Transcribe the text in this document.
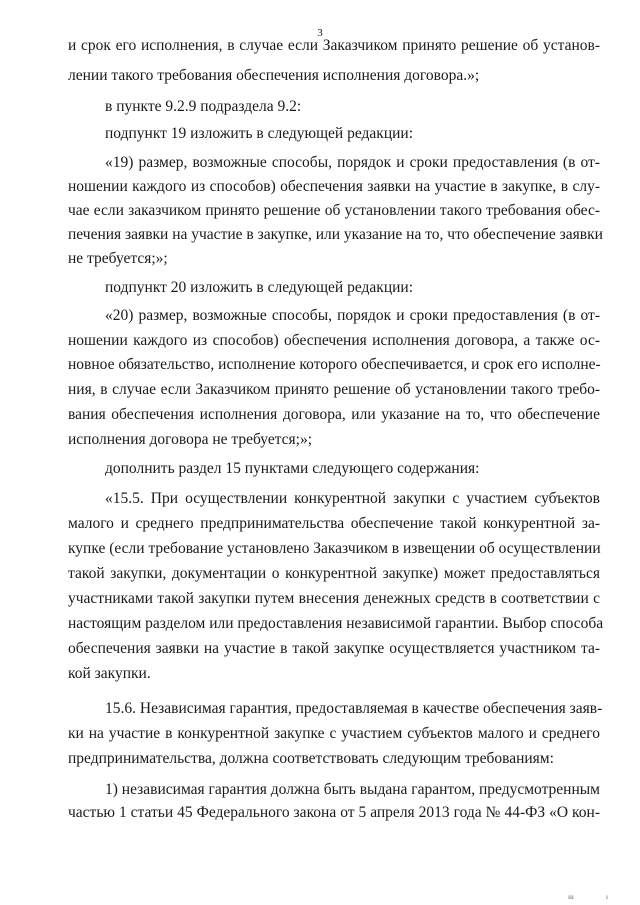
3
и срок его исполнения, в случае если Заказчиком принято решение об установ-
лении такого требования обеспечения исполнения договора.»;
в пункте 9.2.9 подраздела 9.2:
подпункт 19 изложить в следующей редакции:
«19) размер, возможные способы, порядок и сроки предоставления (в от-
ношении каждого из способов) обеспечения заявки на участие в закупке, в слу-
чае если заказчиком принято решение об установлении такого требования обес-
печения заявки на участие в закупке, или указание на то, что обеспечение заявки
не требуется;»;
подпункт 20 изложить в следующей редакции:
«20) размер, возможные способы, порядок и сроки предоставления (в от-
ношении каждого из способов) обеспечения исполнения договора, а также ос-
новное обязательство, исполнение которого обеспечивается, и срок его исполне-
ния, в случае если Заказчиком принято решение об установлении такого требо-
вания обеспечения исполнения договора, или указание на то, что обеспечение
исполнения договора не требуется;»;
дополнить раздел 15 пунктами следующего содержания:
«15.5. При осуществлении конкурентной закупки с участием субъектов
малого и среднего предпринимательства обеспечение такой конкурентной за-
купке (если требование установлено Заказчиком в извещении об осуществлении
такой закупки, документации о конкурентной закупке) может предоставляться
участниками такой закупки путем внесения денежных средств в соответствии с
настоящим разделом или предоставления независимой гарантии. Выбор способа
обеспечения заявки на участие в такой закупке осуществляется участником та-
кой закупки.
15.6. Независимая гарантия, предоставляемая в качестве обеспечения заяв-
ки на участие в конкурентной закупке с участием субъектов малого и среднего
предпринимательства, должна соответствовать следующим требованиям:
1) независимая гарантия должна быть выдана гарантом, предусмотренным
частью 1 статьи 45 Федерального закона от 5 апреля 2013 года № 44-ФЗ «О кон-
ııı	ı
